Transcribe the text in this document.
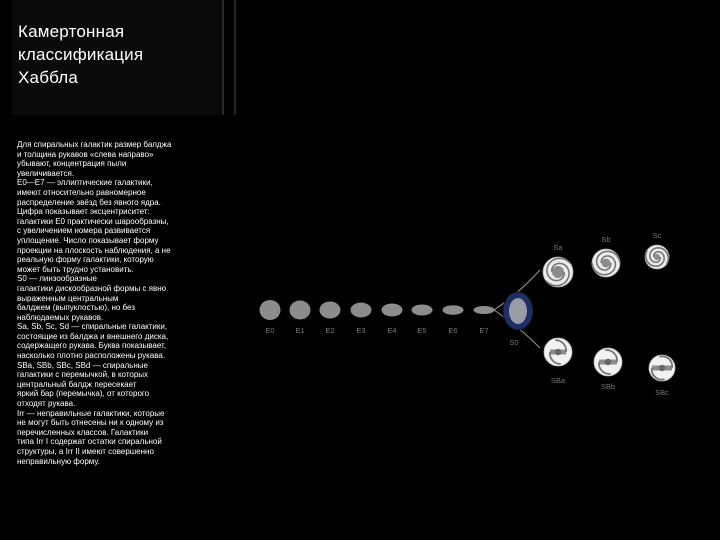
Камертонная
классификация
Хаббла
Для спиральных галактик размер балджа
и толщина рукавов «слева направо»
убывают, концентрация пыли
увеличивается.
E0—E7 — эллиптические галактики,
имеют относительно равномерное
распределение звёзд без явного ядра.
Цифра показывает эксцентриситет:
галактики E0 практически шарообразны,
с увеличением номера развивается
уплощение. Число показывает форму
проекции на плоскость наблюдения, а не
реальную форму галактики, которую
может быть трудно установить.
S0 — линзообразные
галактики дискообразной формы с явно
выраженным центральным
балджем (выпуклостью), но без
наблюдаемых рукавов.
Sa, Sb, Sc, Sd — спиральные галактики,
состоящие из балджа и внешнего диска,
содержащего рукава. Буква показывает,
насколько плотно расположены рукава.
SBa, SBb, SBc, SBd — спиральные
галактики с перемычкой, в которых
центральный балдж пересекает
яркий бар (перемычка), от которого
отходят рукава.
Irr — неправильные галактики, которые
не могут быть отнесены ни к одному из
перечисленных классов. Галактики
типа Irr I содержат остатки спиральной
структуры, а Irr II имеют совершенно
неправильную форму.
E0	E1	E2	E3	E4	E5	E6	E7
S0
Sa
Sb	Sc
SBa
SBb
SBc
